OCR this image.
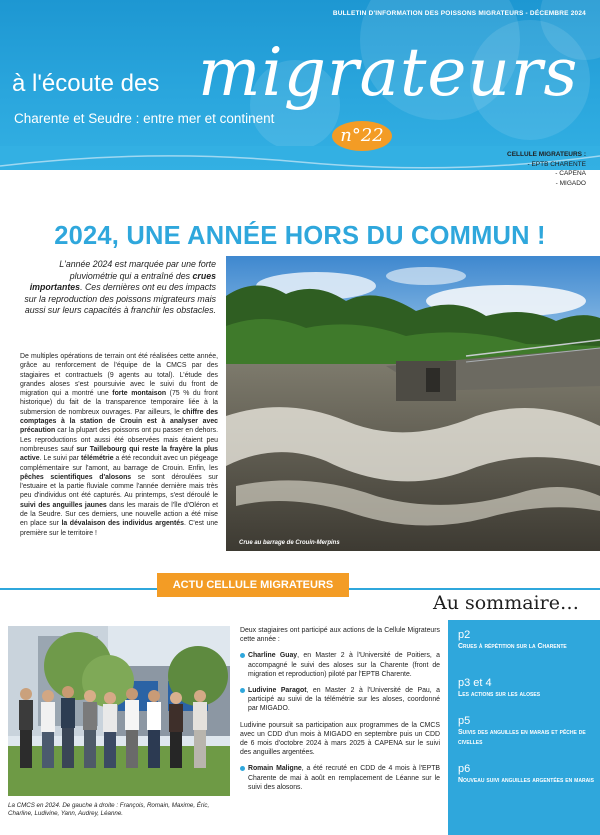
BULLETIN D'INFORMATION DES POISSONS MIGRATEURS - DÉCEMBRE 2024
à l'écoute des migrateurs
Charente et Seudre : entre mer et continent
n°22
CELLULE MIGRATEURS :
- EPTB CHARENTE
- CAPENA
- MIGADO
2024, UNE ANNÉE HORS DU COMMUN !
L'année 2024 est marquée par une forte pluviométrie qui a entraîné des crues importantes. Ces dernières ont eu des impacts sur la reproduction des poissons migrateurs mais aussi sur leurs capacités à franchir les obstacles.
De multiples opérations de terrain ont été réalisées cette année, grâce au renforcement de l'équipe de la CMCS par des stagiaires et contractuels (9 agents au total). L'étude des grandes aloses s'est poursuivie avec le suivi du front de migration qui a montré une forte montaison (75 % du front historique) du fait de la transparence temporaire liée à la submersion de nombreux ouvrages. Par ailleurs, le chiffre des comptages à la station de Crouin est à analyser avec précaution car la plupart des poissons ont pu passer en dehors. Les reproductions ont aussi été observées mais étaient peu nombreuses sauf sur Taillebourg qui reste la frayère la plus active. Le suivi par télémétrie a été reconduit avec un piégeage complémentaire sur l'amont, au barrage de Crouin. Enfin, les pêches scientifiques d'alosons se sont déroulées sur l'estuaire et la partie fluviale comme l'année dernière mais très peu d'individus ont été capturés. Au printemps, s'est déroulé le suivi des anguilles jaunes dans les marais de l'île d'Oléron et de la Seudre. Sur ces derniers, une nouvelle action a été mise en place sur la dévalaison des individus argentés. C'est une première sur le territoire !
Crue au barrage de Crouin-Merpins
ACTU CELLULE MIGRATEURS
La CMCS en 2024. De gauche à droite : François, Romain, Maxime, Éric, Charline, Ludivine, Yann, Audrey, Léanne.

Deux stagiaires ont participé aux actions de la Cellule Migrateurs cette année :

Charline Guay, en Master 2 à l'Université de Poitiers, a accompagné le suivi des aloses sur la Charente (front de migration et reproduction) piloté par l'EPTB Charente.

Ludivine Paragot, en Master 2 à l'Université de Pau, a participé au suivi de la télémétrie sur les aloses, coordonné par MIGADO.

Ludivine poursuit sa participation aux programmes de la CMCS avec un CDD d'un mois à MIGADO en septembre puis un CDD de 6 mois d'octobre 2024 à mars 2025 à CAPENA sur le suivi des anguilles argentées.

Romain Maligne, a été recruté en CDD de 4 mois à l'EPTB Charente de mai à août en remplacement de Léanne sur le suivi des alosons.

Au sommaire…
p2
Crues à répétition sur la Charente
p3 et 4
Les actions sur les aloses
p5
Suivis des anguilles en marais et pêche de civelles
p6
Nouveau suivi anguilles argentées en marais
